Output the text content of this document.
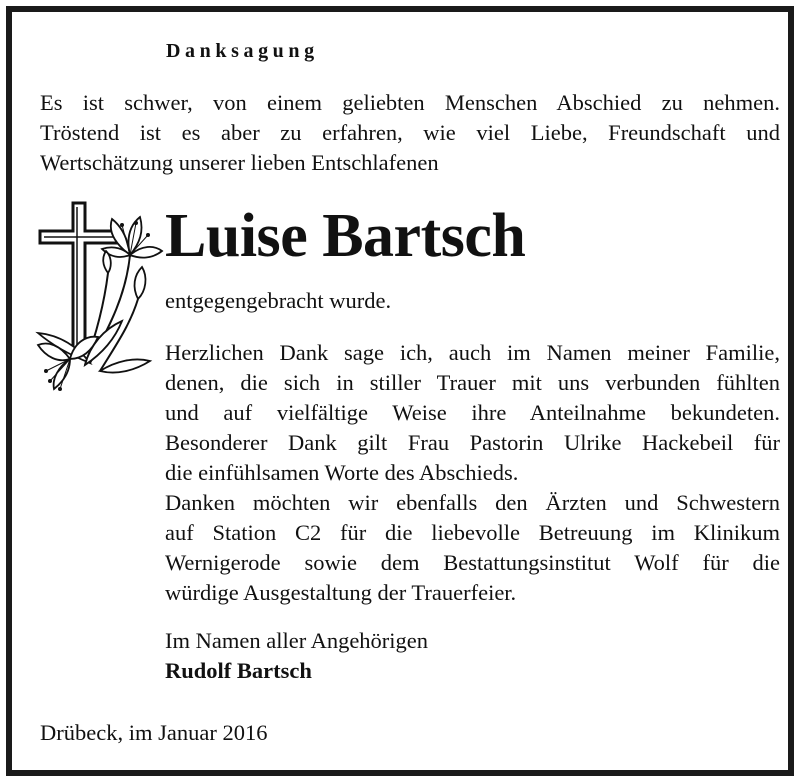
Danksagung

Es ist schwer, von einem geliebten Menschen Abschied zu nehmen.
Tröstend ist es aber zu erfahren, wie viel Liebe, Freundschaft und
Wertschätzung unserer lieben Entschlafenen

Luise Bartsch

entgegengebracht wurde.

Herzlichen Dank sage ich, auch im Namen meiner Familie,
denen, die sich in stiller Trauer mit uns verbunden fühlten
und auf vielfältige Weise ihre Anteilnahme bekundeten.
Besonderer Dank gilt Frau Pastorin Ulrike Hackebeil für
die einfühlsamen Worte des Abschieds.
Danken möchten wir ebenfalls den Ärzten und Schwestern
auf Station C2 für die liebevolle Betreuung im Klinikum
Wernigerode sowie dem Bestattungsinstitut Wolf für die
würdige Ausgestaltung der Trauerfeier.
Im Namen aller Angehörigen
Rudolf Bartsch

Drübeck, im Januar 2016
